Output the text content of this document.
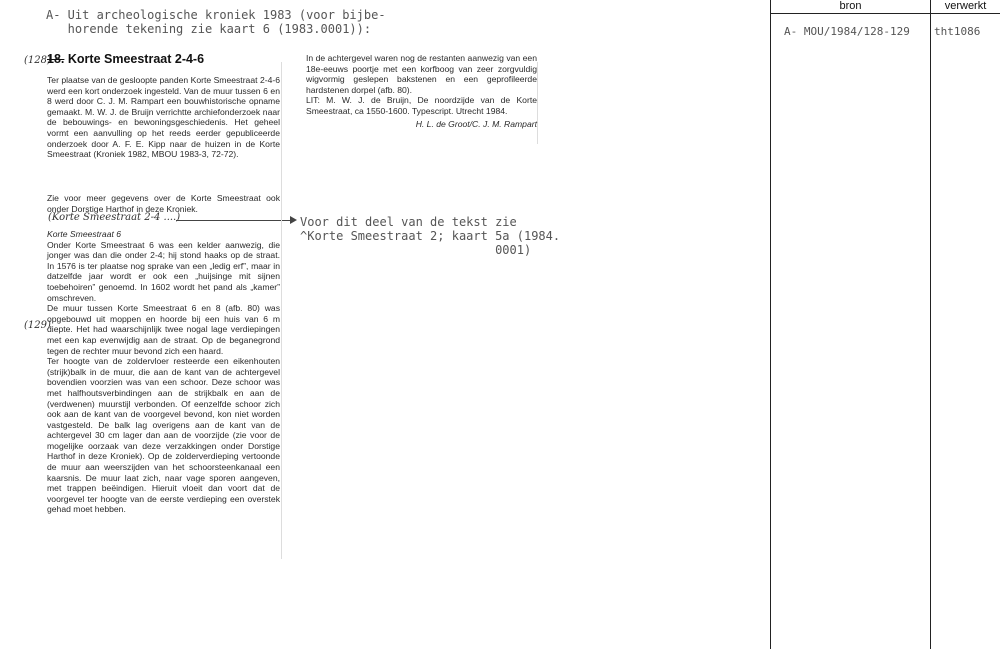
A- Uit archeologische kroniek 1983 (voor bijbe-
horende tekening zie kaart 6 (1983.0001)):
(128)
18. Korte Smeestraat 2-4-6
Ter plaatse van de gesloopte panden Korte Smeestraat 2-4-6 werd een kort onderzoek ingesteld. Van de muur tussen 6 en 8 werd door C. J. M. Rampart een bouwhistorische opname gemaakt. M. W. J. de Bruijn verrichtte archiefonderzoek naar de bebouwings- en bewoningsgeschiedenis. Het geheel vormt een aanvulling op het reeds eerder gepubliceerde onderzoek door A. F. E. Kipp naar de huizen in de Korte Smeestraat (Kroniek 1982, MBOU 1983-3, 72-72).
Zie voor meer gegevens over de Korte Smeestraat ook onder Dorstige Harthof in deze Kroniek.
(Korte Smeestraat 2-4 ....)	Voor dit deel van de tekst zie
^Korte Smeestraat 2; kaart 5a (1984.
0001)
Korte Smeestraat 6
Onder Korte Smeestraat 6 was een kelder aanwezig, die jonger was dan die onder 2-4; hij stond haaks op de straat. In 1576 is ter plaatse nog sprake van een „ledig erf”, maar in datzelfde jaar wordt er ook een „huijsinge mit sijnen toebehoiren” genoemd. In 1602 wordt het pand als „kamer” omschreven.
De muur tussen Korte Smeestraat 6 en 8 (afb. 80) was opgebouwd uit moppen en hoorde bij een huis van 6 m diepte. Het had waarschijnlijk twee nogal lage verdiepingen met een kap evenwijdig aan de straat. Op de beganegrond tegen de rechter muur bevond zich een haard.
Ter hoogte van de zoldervloer resteerde een eikenhouten (strijk)balk in de muur, die aan de kant van de achtergevel bovendien voorzien was van een schoor. Deze schoor was met halfhoutsverbindingen aan de strijkbalk en aan de (verdwenen) muurstijl verbonden. Of eenzelfde schoor zich ook aan de kant van de voorgevel bevond, kon niet worden vastgesteld. De balk lag overigens aan de kant van de achtergevel 30 cm lager dan aan de voorzijde (zie voor de mogelijke oorzaak van deze verzakkingen onder Dorstige Harthof in deze Kroniek). Op de zolderverdieping vertoonde de muur aan weerszijden van het schoorsteenkanaal een kaarsnis. De muur laat zich, naar vage sporen aangeven, met trappen beëindigen. Hieruit vloeit dan voort dat de voorgevel ter hoogte van de eerste verdieping een overstek gehad moet hebben.
(129)
In de achtergevel waren nog de restanten aanwezig van een 18e-eeuws poortje met een korfboog van zeer zorgvuldig wigvormig geslepen bakstenen en een geprofileerde hardstenen dorpel (afb. 80).
LIT: M. W. J. de Bruijn, De noordzijde van de Korte Smeestraat, ca 1550-1600. Typescript. Utrecht 1984.
H. L. de Groot/C. J. M. Rampart
bron	verwerkt
A- MOU/1984/128-129 tht1086
